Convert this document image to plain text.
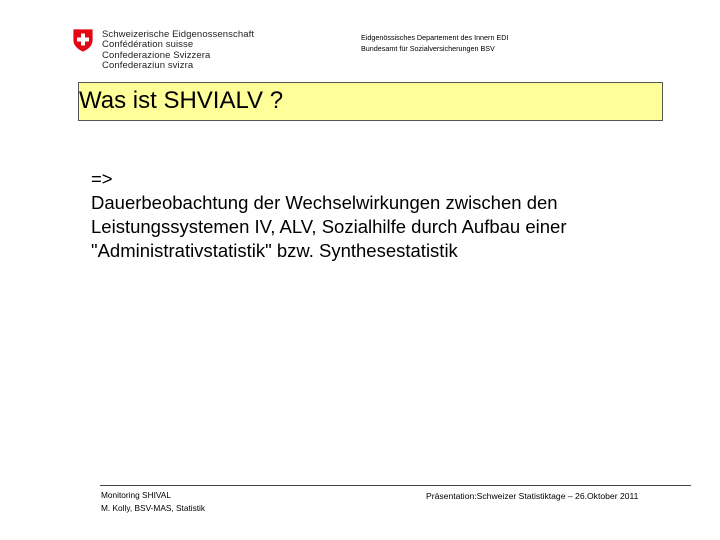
Schweizerische Eidgenossenschaft
Confédération suisse
Confederazione Svizzera
Confederaziun svizra
Eidgenössisches Departement des Innern EDI
Bundesamt für Sozialversicherungen BSV
Was ist SHVIALV ?
=>
Dauerbeobachtung der Wechselwirkungen zwischen den
Leistungssystemen IV, ALV, Sozialhilfe durch Aufbau einer
"Administrativstatistik" bzw. Synthesestatistik
Monitoring SHIVAL
M. Kolly, BSV-MAS, Statistik
Präsentation:Schweizer Statistiktage – 26.Oktober 2011
